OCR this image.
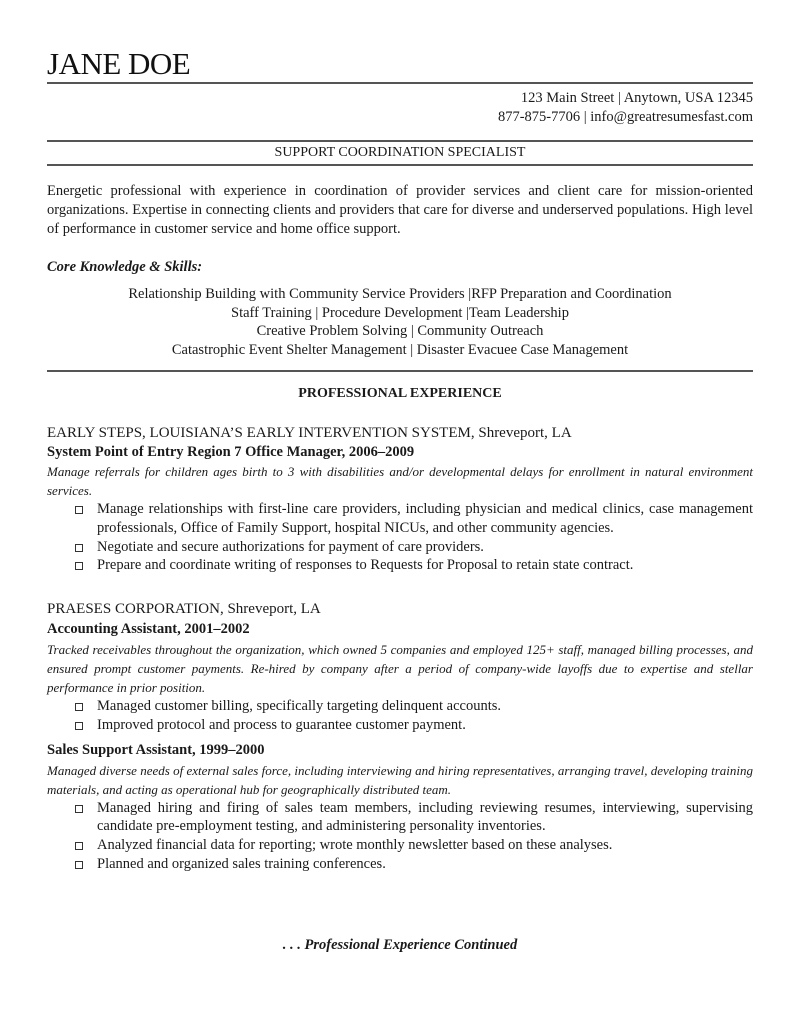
JANE DOE
123 Main Street | Anytown, USA 12345
877-875-7706 | info@greatresumesfast.com
SUPPORT COORDINATION SPECIALIST
Energetic professional with experience in coordination of provider services and client care for mission-oriented organizations. Expertise in connecting clients and providers that care for diverse and underserved populations. High level of performance in customer service and home office support.
Core Knowledge & Skills:
Relationship Building with Community Service Providers |RFP Preparation and Coordination
Staff Training | Procedure Development |Team Leadership
Creative Problem Solving | Community Outreach
Catastrophic Event Shelter Management | Disaster Evacuee Case Management
PROFESSIONAL EXPERIENCE
EARLY STEPS, LOUISIANA’S EARLY INTERVENTION SYSTEM, Shreveport, LA
System Point of Entry Region 7 Office Manager, 2006–2009
Manage referrals for children ages birth to 3 with disabilities and/or developmental delays for enrollment in natural environment services.
Manage relationships with first-line care providers, including physician and medical clinics, case management professionals, Office of Family Support, hospital NICUs, and other community agencies.
Negotiate and secure authorizations for payment of care providers.
Prepare and coordinate writing of responses to Requests for Proposal to retain state contract.
PRAESES CORPORATION, Shreveport, LA
Accounting Assistant, 2001–2002
Tracked receivables throughout the organization, which owned 5 companies and employed 125+ staff, managed billing processes, and ensured prompt customer payments. Re-hired by company after a period of company-wide layoffs due to expertise and stellar performance in prior position.
Managed customer billing, specifically targeting delinquent accounts.
Improved protocol and process to guarantee customer payment.
Sales Support Assistant, 1999–2000
Managed diverse needs of external sales force, including interviewing and hiring representatives, arranging travel, developing training materials, and acting as operational hub for geographically distributed team.
Managed hiring and firing of sales team members, including reviewing resumes, interviewing, supervising candidate pre-employment testing, and administering personality inventories.
Analyzed financial data for reporting; wrote monthly newsletter based on these analyses.
Planned and organized sales training conferences.
. . . Professional Experience Continued
